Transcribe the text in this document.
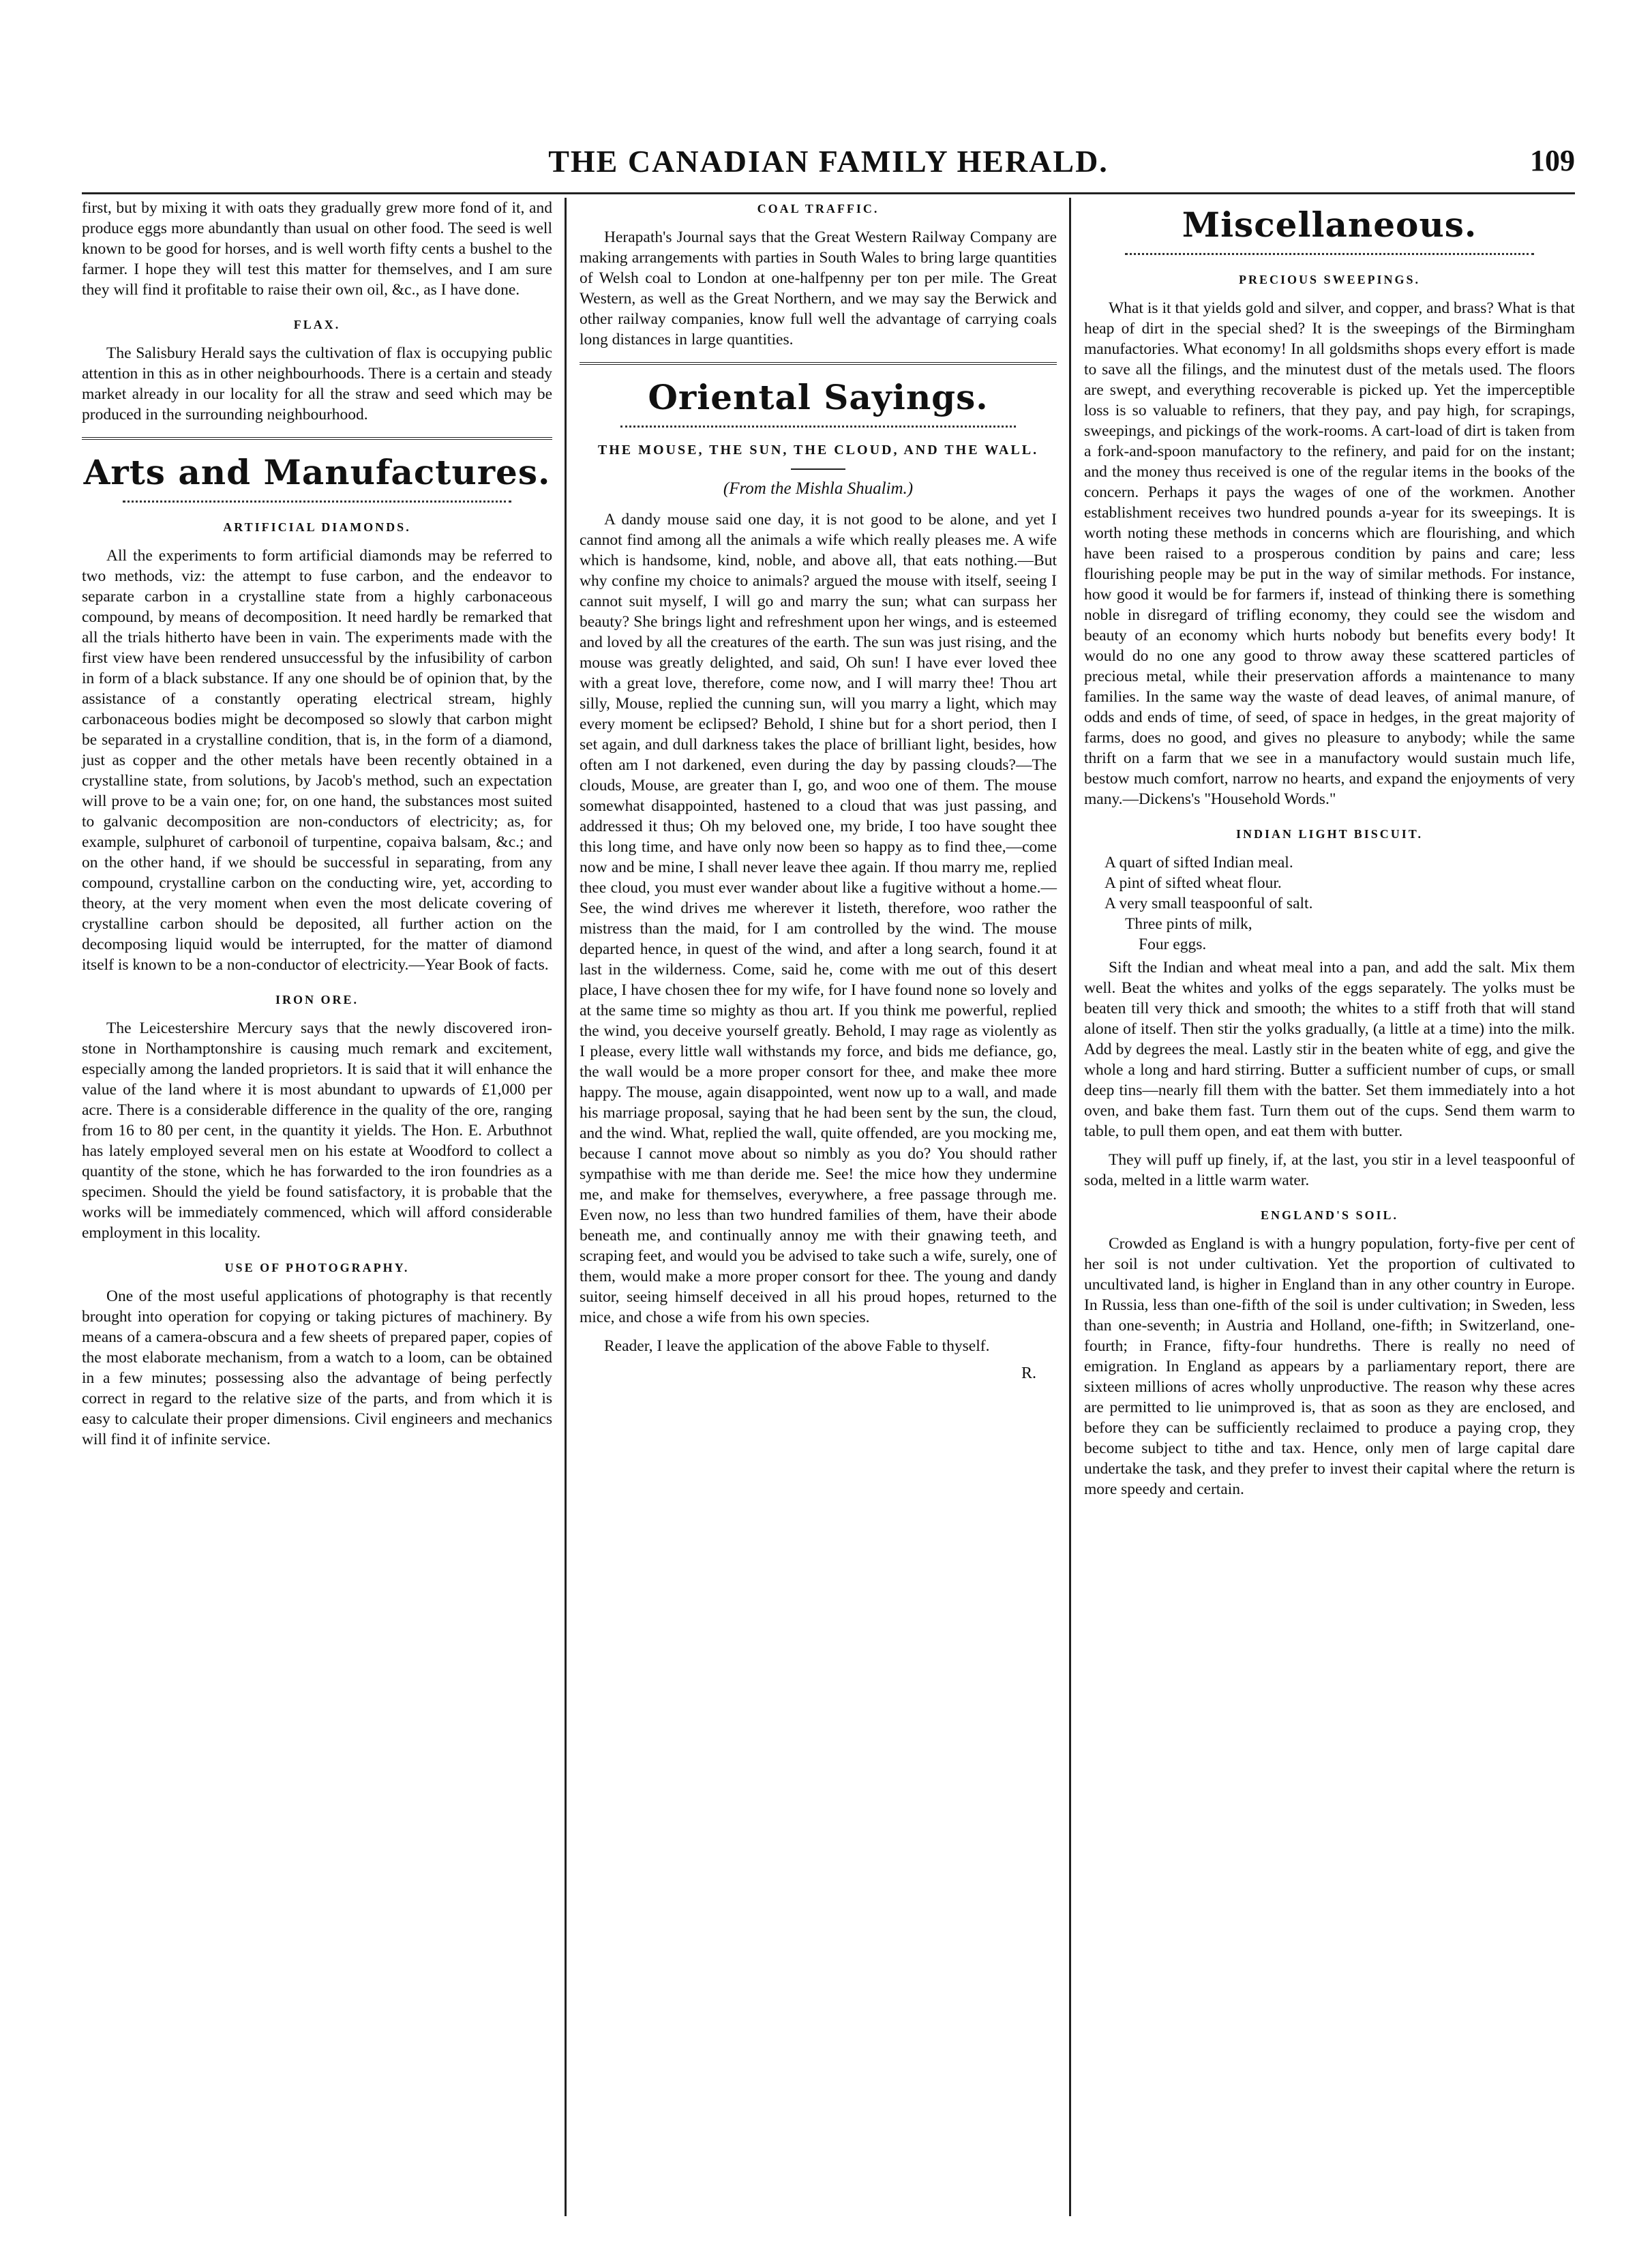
THE CANADIAN FAMILY HERALD.	109

first, but by mixing it with oats they gradually grew more fond of it, and produce eggs more abundantly than usual on other food. The seed is well known to be good for horses, and is well worth fifty cents a bushel to the farmer. I hope they will test this matter for themselves, and I am sure they will find it profitable to raise their own oil, &c., as I have done.

FLAX.

The Salisbury Herald says the cultivation of flax is occupying public attention in this as in other neighbourhoods. There is a certain and steady market already in our locality for all the straw and seed which may be produced in the surrounding neighbourhood.

Arts and Manufactures.
ARTIFICIAL DIAMONDS.

All the experiments to form artificial diamonds may be referred to two methods, viz: the attempt to fuse carbon, and the endeavor to separate carbon in a crystalline state from a highly carbonaceous compound, by means of decomposition. It need hardly be remarked that all the trials hitherto have been in vain. The experiments made with the first view have been rendered unsuccessful by the infusibility of carbon in form of a black substance. If any one should be of opinion that, by the assistance of a constantly operating electrical stream, highly carbonaceous bodies might be decomposed so slowly that carbon might be separated in a crystalline condition, that is, in the form of a diamond, just as copper and the other metals have been recently obtained in a crystalline state, from solutions, by Jacob's method, such an expectation will prove to be a vain one; for, on one hand, the substances most suited to galvanic decomposition are non-conductors of electricity; as, for example, sulphuret of carbonoil of turpentine, copaiva balsam, &c.; and on the other hand, if we should be successful in separating, from any compound, crystalline carbon on the conducting wire, yet, according to theory, at the very moment when even the most delicate covering of crystalline carbon should be deposited, all further action on the decomposing liquid would be interrupted, for the matter of diamond itself is known to be a non-conductor of electricity.—Year Book of facts.

IRON ORE.

The Leicestershire Mercury says that the newly discovered iron-stone in Northamptonshire is causing much remark and excitement, especially among the landed proprietors. It is said that it will enhance the value of the land where it is most abundant to upwards of £1,000 per acre. There is a considerable difference in the quality of the ore, ranging from 16 to 80 per cent, in the quantity it yields. The Hon. E. Arbuthnot has lately employed several men on his estate at Woodford to collect a quantity of the stone, which he has forwarded to the iron foundries as a specimen. Should the yield be found satisfactory, it is probable that the works will be immediately commenced, which will afford considerable employment in this locality.

USE OF PHOTOGRAPHY.

One of the most useful applications of photography is that recently brought into operation for copying or taking pictures of machinery. By means of a camera-obscura and a few sheets of prepared paper, copies of the most elaborate mechanism, from a watch to a loom, can be obtained in a few minutes; possessing also the advantage of being perfectly correct in regard to the relative size of the parts, and from which it is easy to calculate their proper dimensions. Civil engineers and mechanics will find it of infinite service.

COAL TRAFFIC.

Herapath's Journal says that the Great Western Railway Company are making arrangements with parties in South Wales to bring large quantities of Welsh coal to London at one-halfpenny per ton per mile. The Great Western, as well as the Great Northern, and we may say the Berwick and other railway companies, know full well the advantage of carrying coals long distances in large quantities.

Oriental Sayings.
THE MOUSE, THE SUN, THE CLOUD, AND THE WALL.
(From the Mishla Shualim.)

A dandy mouse said one day, it is not good to be alone, and yet I cannot find among all the animals a wife which really pleases me. A wife which is handsome, kind, noble, and above all, that eats nothing.—But why confine my choice to animals? argued the mouse with itself, seeing I cannot suit myself, I will go and marry the sun; what can surpass her beauty? She brings light and refreshment upon her wings, and is esteemed and loved by all the creatures of the earth. The sun was just rising, and the mouse was greatly delighted, and said, Oh sun! I have ever loved thee with a great love, therefore, come now, and I will marry thee! Thou art silly, Mouse, replied the cunning sun, will you marry a light, which may every moment be eclipsed? Behold, I shine but for a short period, then I set again, and dull darkness takes the place of brilliant light, besides, how often am I not darkened, even during the day by passing clouds?—The clouds, Mouse, are greater than I, go, and woo one of them. The mouse somewhat disappointed, hastened to a cloud that was just passing, and addressed it thus; Oh my beloved one, my bride, I too have sought thee this long time, and have only now been so happy as to find thee,—come now and be mine, I shall never leave thee again. If thou marry me, replied thee cloud, you must ever wander about like a fugitive without a home.—See, the wind drives me wherever it listeth, therefore, woo rather the mistress than the maid, for I am controlled by the wind. The mouse departed hence, in quest of the wind, and after a long search, found it at last in the wilderness. Come, said he, come with me out of this desert place, I have chosen thee for my wife, for I have found none so lovely and at the same time so mighty as thou art. If you think me powerful, replied the wind, you deceive yourself greatly. Behold, I may rage as violently as I please, every little wall withstands my force, and bids me defiance, go, the wall would be a more proper consort for thee, and make thee more happy. The mouse, again disappointed, went now up to a wall, and made his marriage proposal, saying that he had been sent by the sun, the cloud, and the wind. What, replied the wall, quite offended, are you mocking me, because I cannot move about so nimbly as you do? You should rather sympathise with me than deride me. See! the mice how they undermine me, and make for themselves, everywhere, a free passage through me. Even now, no less than two hundred families of them, have their abode beneath me, and continually annoy me with their gnawing teeth, and scraping feet, and would you be advised to take such a wife, surely, one of them, would make a more proper consort for thee. The young and dandy suitor, seeing himself deceived in all his proud hopes, returned to the mice, and chose a wife from his own species.

Reader, I leave the application of the above Fable to thyself.

R.
Miscellaneous.
PRECIOUS SWEEPINGS.

What is it that yields gold and silver, and copper, and brass? What is that heap of dirt in the special shed? It is the sweepings of the Birmingham manufactories. What economy! In all goldsmiths shops every effort is made to save all the filings, and the minutest dust of the metals used. The floors are swept, and everything recoverable is picked up. Yet the imperceptible loss is so valuable to refiners, that they pay, and pay high, for scrapings, sweepings, and pickings of the work-rooms. A cart-load of dirt is taken from a fork-and-spoon manufactory to the refinery, and paid for on the instant; and the money thus received is one of the regular items in the books of the concern. Perhaps it pays the wages of one of the workmen. Another establishment receives two hundred pounds a-year for its sweepings. It is worth noting these methods in concerns which are flourishing, and which have been raised to a prosperous condition by pains and care; less flourishing people may be put in the way of similar methods. For instance, how good it would be for farmers if, instead of thinking there is something noble in disregard of trifling economy, they could see the wisdom and beauty of an economy which hurts nobody but benefits every body! It would do no one any good to throw away these scattered particles of precious metal, while their preservation affords a maintenance to many families. In the same way the waste of dead leaves, of animal manure, of odds and ends of time, of seed, of space in hedges, in the great majority of farms, does no good, and gives no pleasure to anybody; while the same thrift on a farm that we see in a manufactory would sustain much life, bestow much comfort, narrow no hearts, and expand the enjoyments of very many.—Dickens's "Household Words."

INDIAN LIGHT BISCUIT.
A quart of sifted Indian meal.
A pint of sifted wheat flour.
A very small teaspoonful of salt.
Three pints of milk,
Four eggs.

Sift the Indian and wheat meal into a pan, and add the salt. Mix them well. Beat the whites and yolks of the eggs separately. The yolks must be beaten till very thick and smooth; the whites to a stiff froth that will stand alone of itself. Then stir the yolks gradually, (a little at a time) into the milk. Add by degrees the meal. Lastly stir in the beaten white of egg, and give the whole a long and hard stirring. Butter a sufficient number of cups, or small deep tins—nearly fill them with the batter. Set them immediately into a hot oven, and bake them fast. Turn them out of the cups. Send them warm to table, to pull them open, and eat them with butter.

They will puff up finely, if, at the last, you stir in a level teaspoonful of soda, melted in a little warm water.

ENGLAND'S SOIL.

Crowded as England is with a hungry population, forty-five per cent of her soil is not under cultivation. Yet the proportion of cultivated to uncultivated land, is higher in England than in any other country in Europe. In Russia, less than one-fifth of the soil is under cultivation; in Sweden, less than one-seventh; in Austria and Holland, one-fifth; in Switzerland, one-fourth; in France, fifty-four hundreths. There is really no need of emigration. In England as appears by a parliamentary report, there are sixteen millions of acres wholly unproductive. The reason why these acres are permitted to lie unimproved is, that as soon as they are enclosed, and before they can be sufficiently reclaimed to produce a paying crop, they become subject to tithe and tax. Hence, only men of large capital dare undertake the task, and they prefer to invest their capital where the return is more speedy and certain.
